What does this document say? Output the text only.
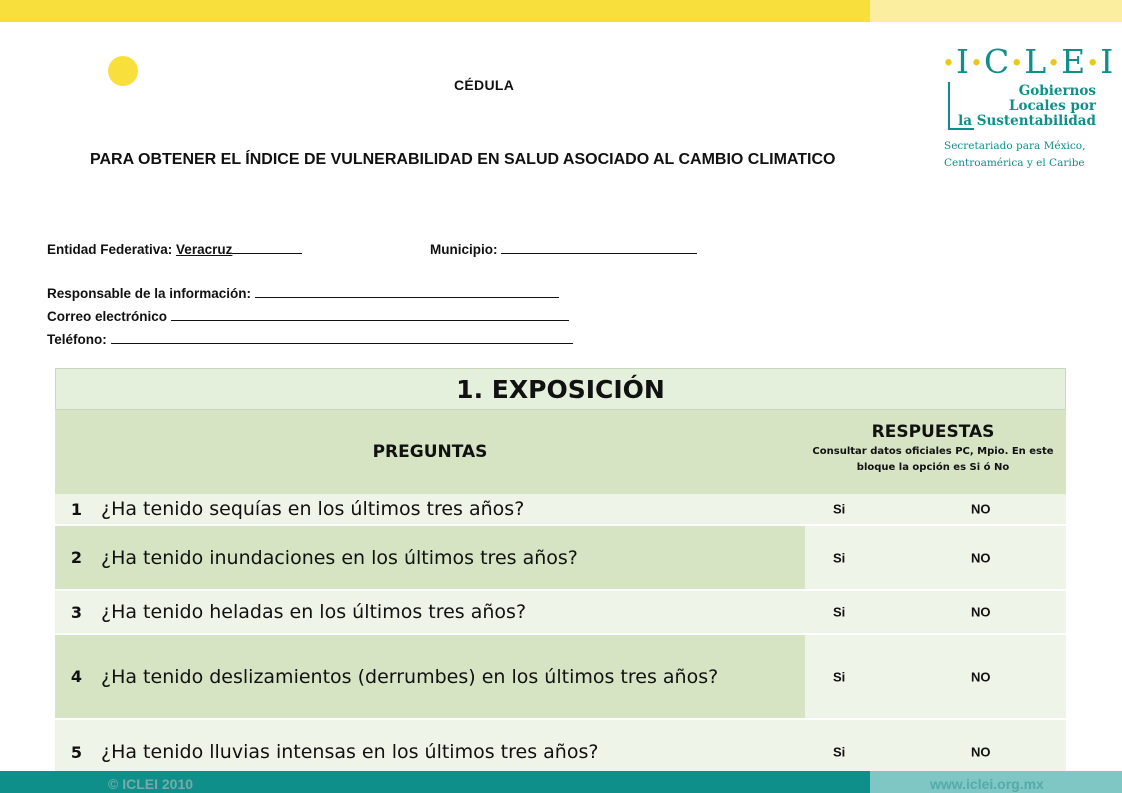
CÉDULA
PARA OBTENER EL ÍNDICE DE VULNERABILIDAD EN SALUD ASOCIADO AL CAMBIO CLIMATICO
•I•C•L•E•I
Gobiernos
Locales por
la Sustentabilidad
Secretariado para México,
Centroamérica y el Caribe
Entidad Federativa: Veracruz	Municipio:
Responsable de la información:
Correo electrónico
Teléfono:
1. EXPOSICIÓN
PREGUNTAS
RESPUESTAS
Consultar datos oficiales PC, Mpio. En este bloque la opción es Si ó No
1 ¿Ha tenido sequías en los últimos tres años?	Si	NO
2 ¿Ha tenido inundaciones en los últimos tres años?	Si	NO
3 ¿Ha tenido heladas en los últimos tres años?	Si	NO
4 ¿Ha tenido deslizamientos (derrumbes) en los últimos tres años?	Si	NO
5 ¿Ha tenido lluvias intensas en los últimos tres años?	Si	NO
© ICLEI 2010	www.iclei.org.mx
